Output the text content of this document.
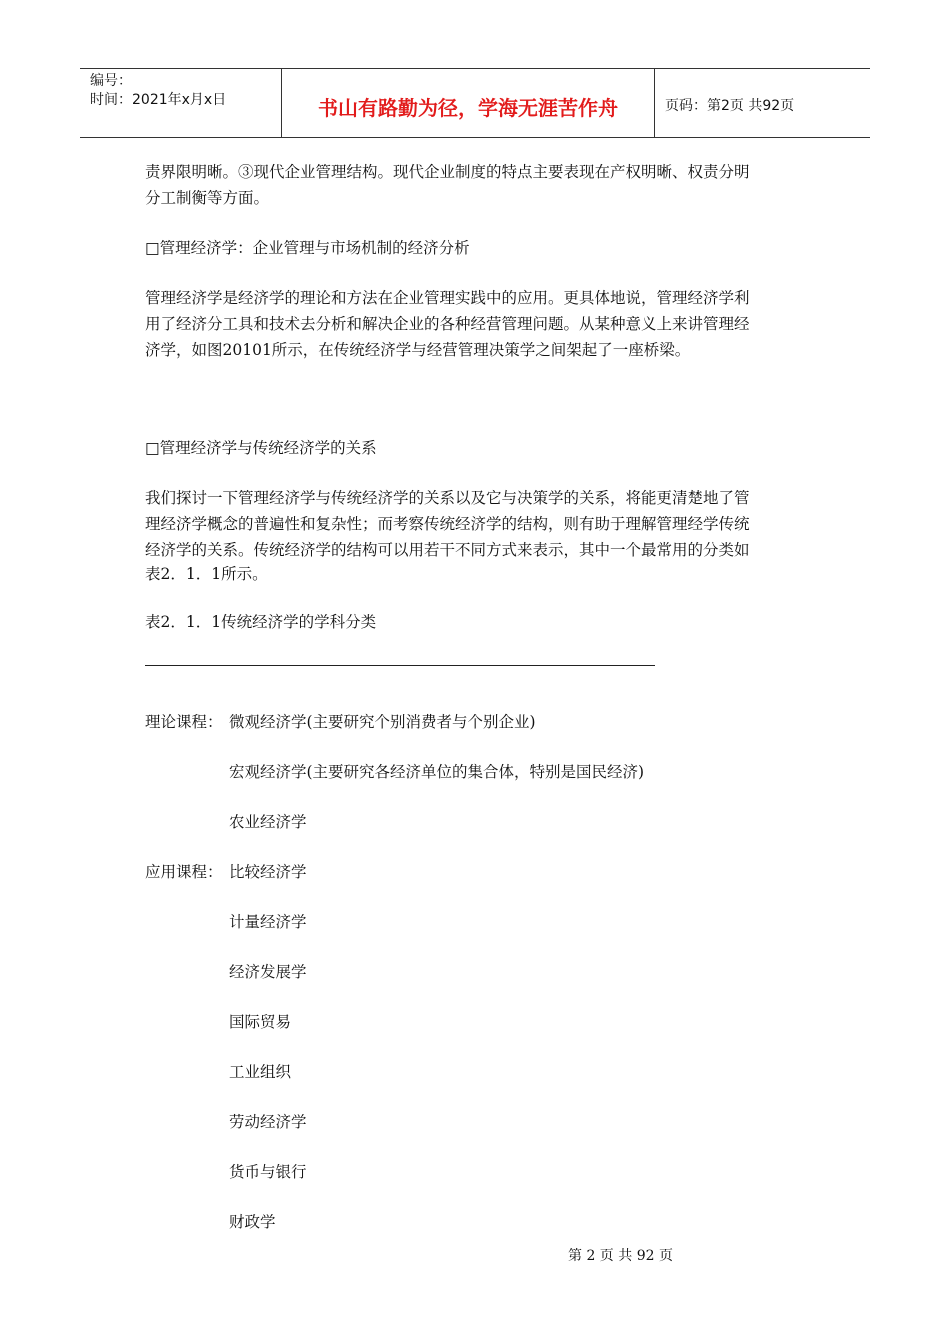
编号：
时间：2021年x月x日	书山有路勤为径，学海无涯苦作舟	页码：第2页 共92页
责界限明晰。③现代企业管理结构。现代企业制度的特点主要表现在产权明晰、权责分明
分工制衡等方面。
□管理经济学：企业管理与市场机制的经济分析
管理经济学是经济学的理论和方法在企业管理实践中的应用。更具体地说，管理经济学利
用了经济分工具和技术去分析和解决企业的各种经营管理问题。从某种意义上来讲管理经
济学，如图20101所示，在传统经济学与经营管理决策学之间架起了一座桥梁。
□管理经济学与传统经济学的关系
我们探讨一下管理经济学与传统经济学的关系以及它与决策学的关系，将能更清楚地了管
理经济学概念的普遍性和复杂性；而考察传统经济学的结构，则有助于理解管理经学传统
经济学的关系。传统经济学的结构可以用若干不同方式来表示，其中一个最常用的分类如
表2．1．1所示。
表2．1．1传统经济学的学科分类
理论课程： 微观经济学(主要研究个别消费者与个别企业)
宏观经济学(主要研究各经济单位的集合体，特别是国民经济)
农业经济学
应用课程： 比较经济学
计量经济学
经济发展学
国际贸易
工业组织
劳动经济学
货币与银行
财政学
第 2 页 共 92 页
